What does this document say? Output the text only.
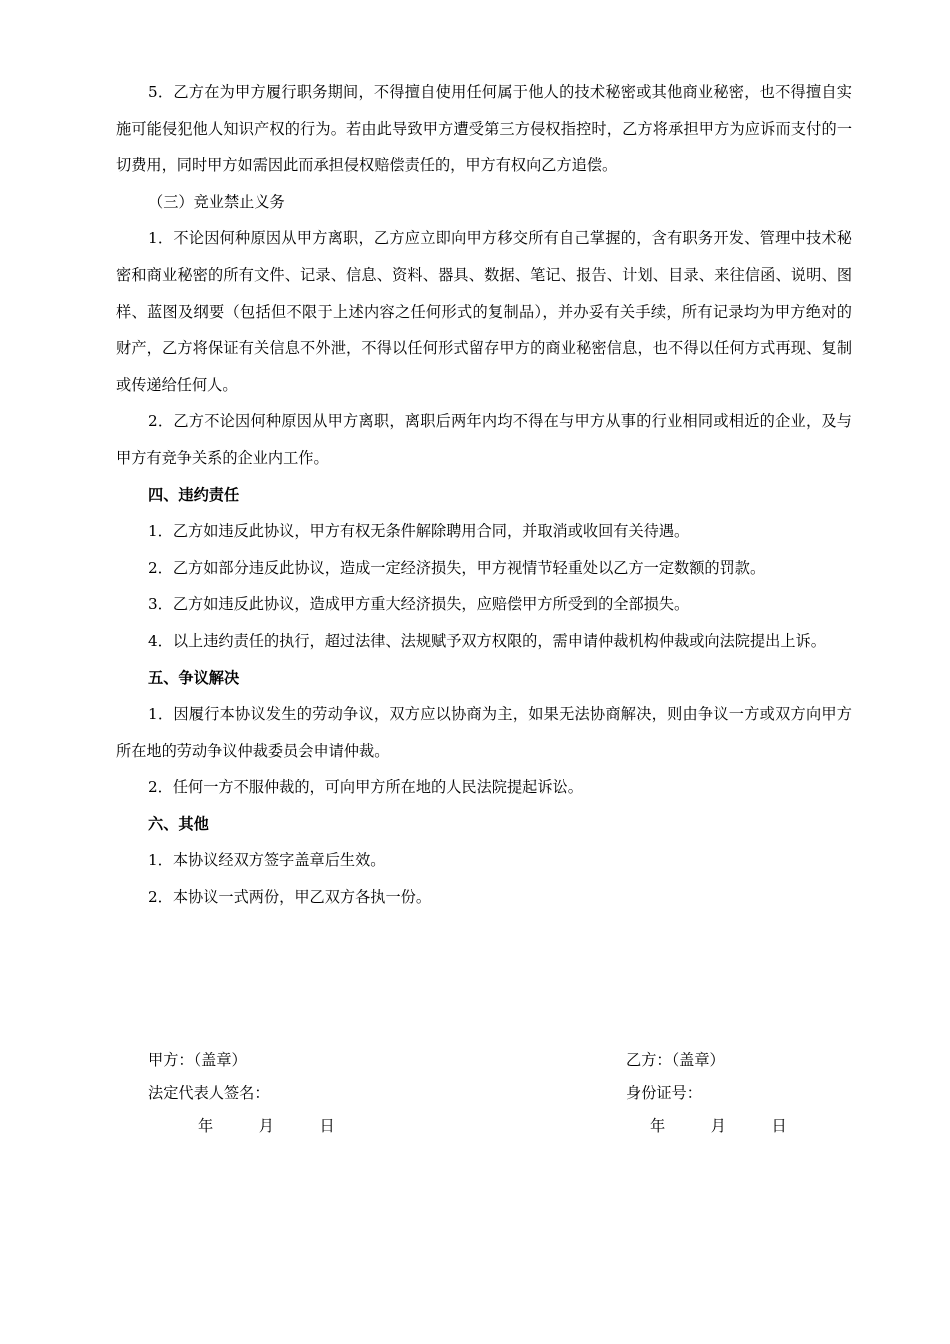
5．乙方在为甲方履行职务期间，不得擅自使用任何属于他人的技术秘密或其他商业秘密，也不得擅自实施可能侵犯他人知识产权的行为。若由此导致甲方遭受第三方侵权指控时，乙方将承担甲方为应诉而支付的一切费用，同时甲方如需因此而承担侵权赔偿责任的，甲方有权向乙方追偿。

（三）竞业禁止义务

1．不论因何种原因从甲方离职，乙方应立即向甲方移交所有自己掌握的，含有职务开发、管理中技术秘密和商业秘密的所有文件、记录、信息、资料、器具、数据、笔记、报告、计划、目录、来往信函、说明、图样、蓝图及纲要（包括但不限于上述内容之任何形式的复制品），并办妥有关手续，所有记录均为甲方绝对的财产，乙方将保证有关信息不外泄，不得以任何形式留存甲方的商业秘密信息，也不得以任何方式再现、复制或传递给任何人。

2．乙方不论因何种原因从甲方离职，离职后两年内均不得在与甲方从事的行业相同或相近的企业，及与甲方有竞争关系的企业内工作。

四、违约责任

1．乙方如违反此协议，甲方有权无条件解除聘用合同，并取消或收回有关待遇。

2．乙方如部分违反此协议，造成一定经济损失，甲方视情节轻重处以乙方一定数额的罚款。

3．乙方如违反此协议，造成甲方重大经济损失，应赔偿甲方所受到的全部损失。

4．以上违约责任的执行，超过法律、法规赋予双方权限的，需申请仲裁机构仲裁或向法院提出上诉。

五、争议解决

1．因履行本协议发生的劳动争议，双方应以协商为主，如果无法协商解决，则由争议一方或双方向甲方所在地的劳动争议仲裁委员会申请仲裁。

2．任何一方不服仲裁的，可向甲方所在地的人民法院提起诉讼。

六、其他

1．本协议经双方签字盖章后生效。

2．本协议一式两份，甲乙双方各执一份。

甲方：（盖章）	乙方：（盖章）
法定代表人签名：	身份证号：
年　　　月　　　日	年　　　月　　　日
